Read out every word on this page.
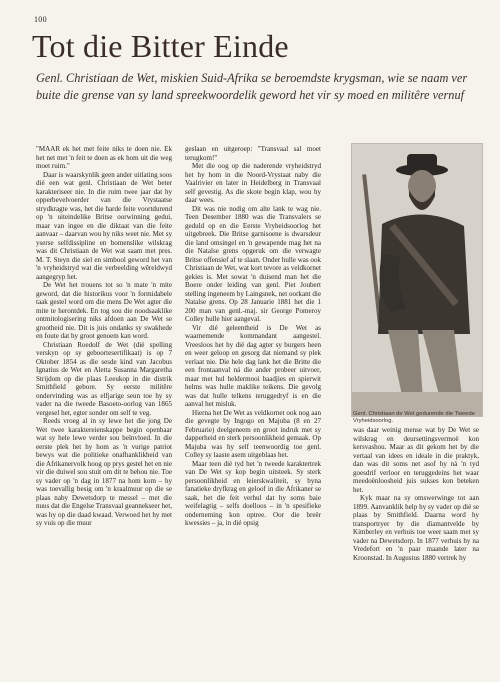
100
Tot die Bitter Einde

Genl. Christiaan de Wet, miskien Suid-Afrika se beroemdste krygsman, wie se naam ver buite die grense van sy land spreekwoordelik geword het vir sy moed en militêre vernuf

"MAAR ek het met feite niks te doen nie. Ek het net met 'n feit te doen as ek hom uit die weg moet ruim."

Daar is waarskynlik geen ander uitlating soos dié een wat genl. Christiaan de Wet beter karakteriseer nie. In die ruim twee jaar dat hy opperbevelvoerder van die Vrystaatse strydkragte was, het die harde feite voortdurend op 'n uiteindelike Britse oorwinning gedui, maar van ingee en die diktaat van die feite aanvaar – daarvan wou hy niks weet nie. Met sy yserse selfdissipline en bomenslike wilskrag was dit Christiaan de Wet wat saam met pres. M. T. Steyn die siel en simbool geword het van 'n vryheidstryd wat die verbeelding wêreldwyd aangegryp het.

De Wet het trouens tot so 'n mate 'n mite geword, dat die historikus voor 'n formidabele taak gestel word om die mens De Wet agter die mite te herontdek. En tog sou die noodsaaklike ontmitologisering niks afdoen aan De Wet se grootheid nie. Dit is juis ondanks sy swakhede en foute dat hy groot genoem kan word.

Christiaan Roedolf de Wet (dié spelling verskyn op sy geboortesertifikaat) is op 7 Oktober 1854 as die sesde kind van Jacobus Ignatius de Wet en Aletta Susanna Margaretha Strijdom op die plaas Leeukop in die distrik Smithfield gebore. Sy eerste militêre ondervinding was as elfjarige seun toe hy sy vader na die tweede Basoeto-oorlog van 1865 vergesel het, egter sonder om self te veg.

Reeds vroeg al in sy lewe het die jong De Wet twee karaktereienskappe begin openbaar wat sy hele lewe verder sou beïnvloed. In die eerste plek het hy hom as 'n vurige patriot bewys wat die politieke onafhanklikheid van die Afrikanervolk hoog op prys gestel het en nie vir die duiwel sou stuit om dit te behou nie. Toe sy vader op 'n dag in 1877 na hom kom – hy was toevallig besig om 'n kraalmuur op die se plaas naby Dewetsdorp te messel – met die nuus dat die Engelse Transvaal geannekseer het, was hy op die daad kwaad. Verwoed het hy met sy vuis op die muur

geslaan en uitgeroep: "Transvaal sal moet terugkom!"

Met die oog op die naderende vryheidstryd het hy hom in die Noord-Vrystaat naby die Vaalrivier en later in Heidelberg in Transvaal self gevestig. As die skote begin klap, wou hy daar wees.

Dit was nie nodig om alte lank te wag nie. Teen Desember 1880 was die Transvalers se geduld op en die Eerste Vryheidsoorlog het uitgebreek. Die Britse garnisoene is dwarsdeur die land omsingel en 'n gewapende mag het na die Natalse grens opgeruk om die verwagte Britse offensief af te slaan. Onder hulle was ook Christiaan de Wet, wat kort tevore as veldkornet gekies is. Met sowat 'n duisend man het die Boere onder leiding van genl. Piet Joubert stelling ingeneem by Laingsnek, net oorkant die Natalse grens. Op 28 Januarie 1881 het die 1 200 man van genl.-maj. sir George Pomeroy Colley hulle hier aangeval.

Vir dié geleentheid is De Wet as waarnemende kommandant aangestel. Vreesloos het hy dié dag agter sy burgers heen en weer geloop en gesorg dat niemand sy plek verlaat nie. Die hele dag lank het die Britte die een frontaanval ná die ander probeer uitvoer, maar met hul heldermooi baadjies en spierwit helms was hulle maklike teikens. Die gevolg was dat hulle telkens teruggedryf is en die aanval het misluk.

Hierna het De Wet as veldkornet ook nog aan die gevegte by Ingogo en Majuba (8 en 27 Februarie) deelgeneem en groot indruk met sy dapperheid en sterk persoonlikheid gemaak. Op Majuba was hy self teenwoordig toe genl. Colley sy laaste asem uitgeblaas het.

Maar teen dié tyd het 'n tweede karaktertrek van De Wet sy kop begin uitsteek. Sy sterk persoonlikheid en leierskwaliteit, sy byna fanatieke dryfkrag en geloof in die Afrikaner se saak, het die feit verhul dat hy soms baie weifelagtig – selfs doelloos – in 'n spesifieke onderneming kon optree. Oor die breër kwessies – ja, in dié opsig

Genl. Christiaan de Wet gedurende die Tweede Vryheidsoorlog.

was daar weinig mense wat by De Wet se wilskrag en deursettingsvermoë kon kersvashou. Maar as dit gekom het by die vertaal van idees en ideale in die praktyk, dan was dit soms net asof hy nà 'n tyd goesdrif verloor en teruggedeins het waar meedoënloosheid juis sukses kon beteken het.

Kyk maar na sy omswerwinge tot aan 1899. Aanvanklik help hy sy vader op dié se plaas by Smithfield. Daarna word hy transportryer by die diamantvelde by Kimberley en verhuis toe weer saam met sy vader na Dewetsdorp. In 1877 verhuis hy na Vredefort en 'n paar maande later na Kroonstad. In Augustus 1880 vertrek hy
